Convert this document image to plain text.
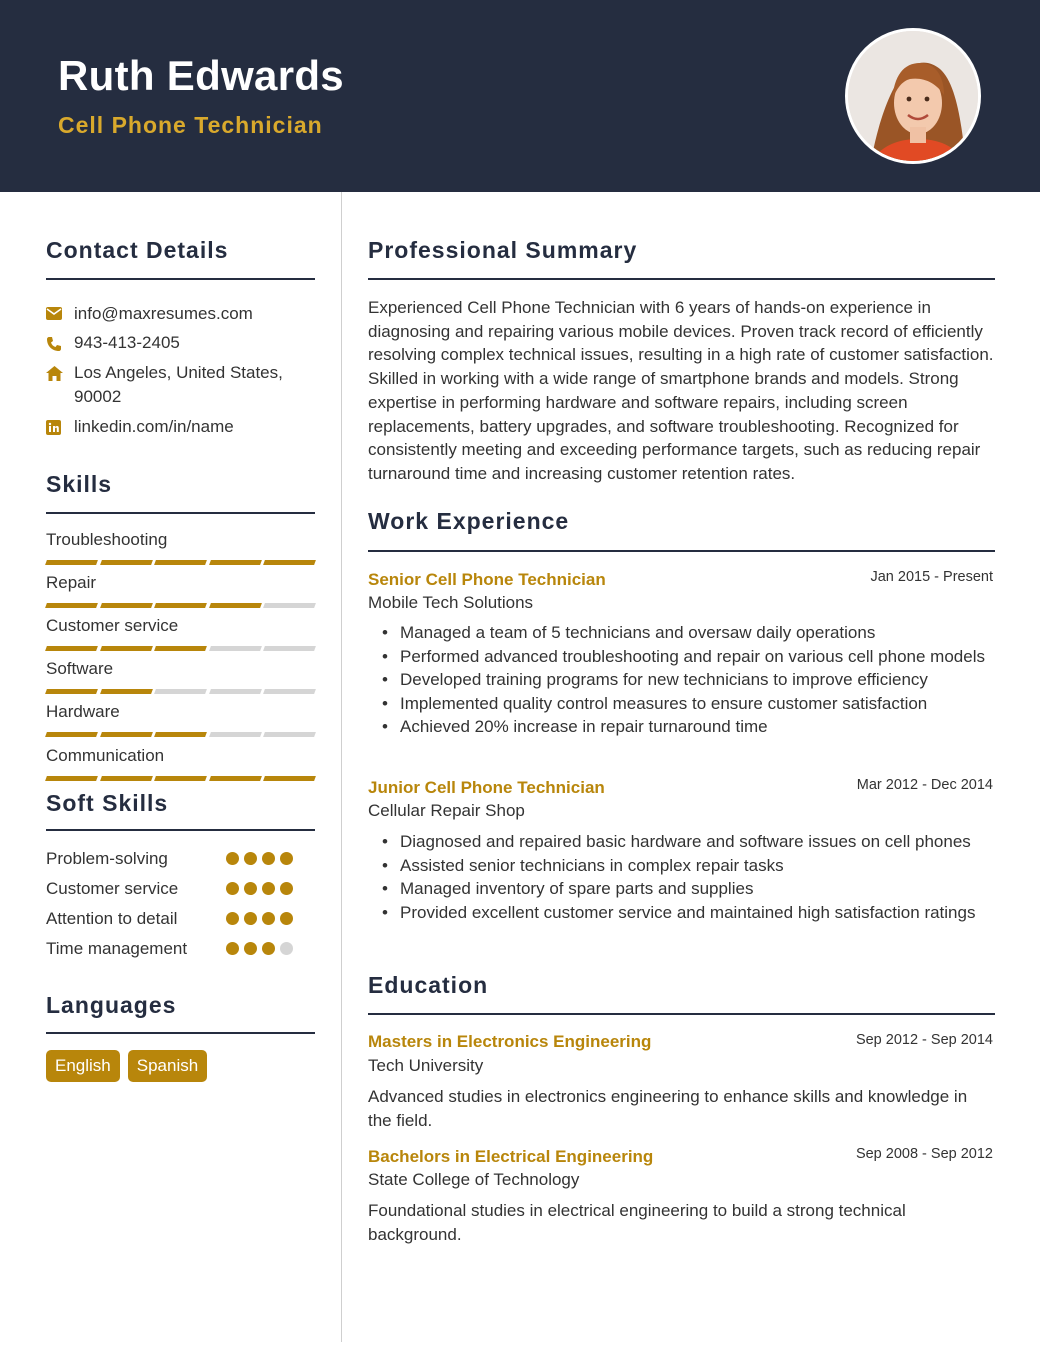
Ruth Edwards
Cell Phone Technician
Contact Details
info@maxresumes.com
943-413-2405
Los Angeles, United States,
90002
linkedin.com/in/name
Skills
Troubleshooting
Repair
Customer service
Software
Hardware
Communication
Soft Skills
Problem-solving
Customer service
Attention to detail
Time management
Languages
English	Spanish
Professional Summary
Experienced Cell Phone Technician with 6 years of hands-on experience in diagnosing and repairing various mobile devices. Proven track record of efficiently resolving complex technical issues, resulting in a high rate of customer satisfaction. Skilled in working with a wide range of smartphone brands and models. Strong expertise in performing hardware and software repairs, including screen replacements, battery upgrades, and software troubleshooting. Recognized for consistently meeting and exceeding performance targets, such as reducing repair turnaround time and increasing customer retention rates.
Work Experience
Senior Cell Phone Technician	Jan 2015 - Present
Mobile Tech Solutions
• Managed a team of 5 technicians and oversaw daily operations
• Performed advanced troubleshooting and repair on various cell phone models
• Developed training programs for new technicians to improve efficiency
• Implemented quality control measures to ensure customer satisfaction
• Achieved 20% increase in repair turnaround time
Junior Cell Phone Technician	Mar 2012 - Dec 2014
Cellular Repair Shop
• Diagnosed and repaired basic hardware and software issues on cell phones
• Assisted senior technicians in complex repair tasks
• Managed inventory of spare parts and supplies
• Provided excellent customer service and maintained high satisfaction ratings
Education
Masters in Electronics Engineering	Sep 2012 - Sep 2014
Tech University
Advanced studies in electronics engineering to enhance skills and knowledge in the field.
Bachelors in Electrical Engineering	Sep 2008 - Sep 2012
State College of Technology
Foundational studies in electrical engineering to build a strong technical background.
